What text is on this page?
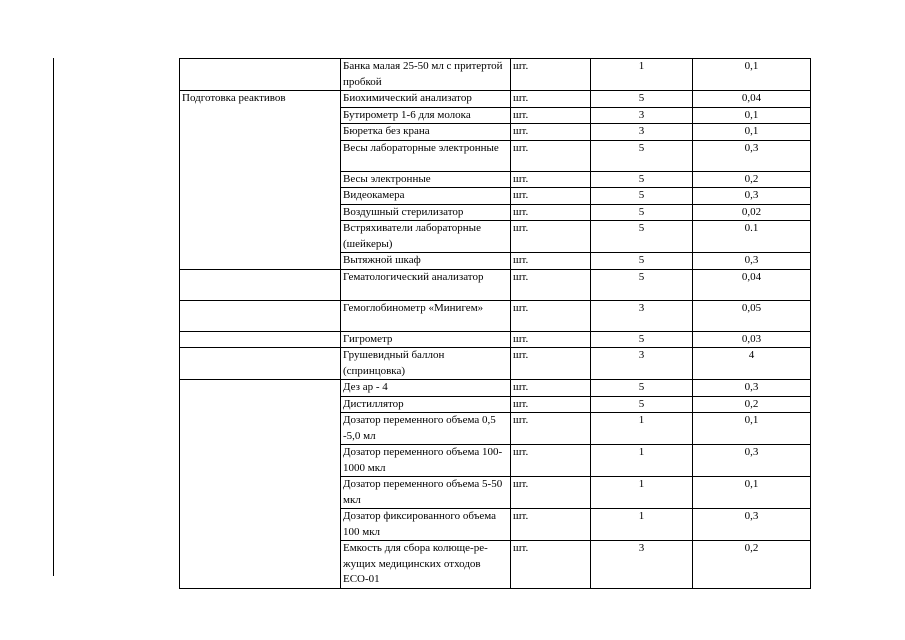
	Банка малая 25-50 мл с притертой пробкой	шт.	1	0,1
Подготовка реактивов	Биохимический анализатор	шт.	5	0,04
	Бутирометр 1-6 для молока	шт.	3	0,1
	Бюретка без крана	шт.	3	0,1
	Весы лабораторные электронные	шт.	5	0,3
	Весы электронные	шт.	5	0,2
	Видеокамера	шт.	5	0,3
	Воздушный стерилизатор	шт.	5	0,02
	Встряхиватели лабораторные (шейкеры)	шт.	5	0.1
	Вытяжной шкаф	шт.	5	0,3
	Гематологический анализатор	шт.	5	0,04
	Гемоглобинометр «Минигем»	шт.	3	0,05
	Гигрометр	шт.	5	0,03
	Грушевидный баллон (спринцовка)	шт.	3	4
	Дез ар - 4	шт.	5	0,3
	Дистиллятор	шт.	5	0,2
	Дозатор переменного объема 0,5 -5,0 мл	шт.	1	0,1
	Дозатор переменного объема 100-1000 мкл	шт.	1	0,3
	Дозатор переменного объема 5-50 мкл	шт.	1	0,1
	Дозатор фиксированного объема 100 мкл	шт.	1	0,3
	Емкость для сбора колюще-ре-жущих медицинских отходов ЕСО-01	шт.	3	0,2
